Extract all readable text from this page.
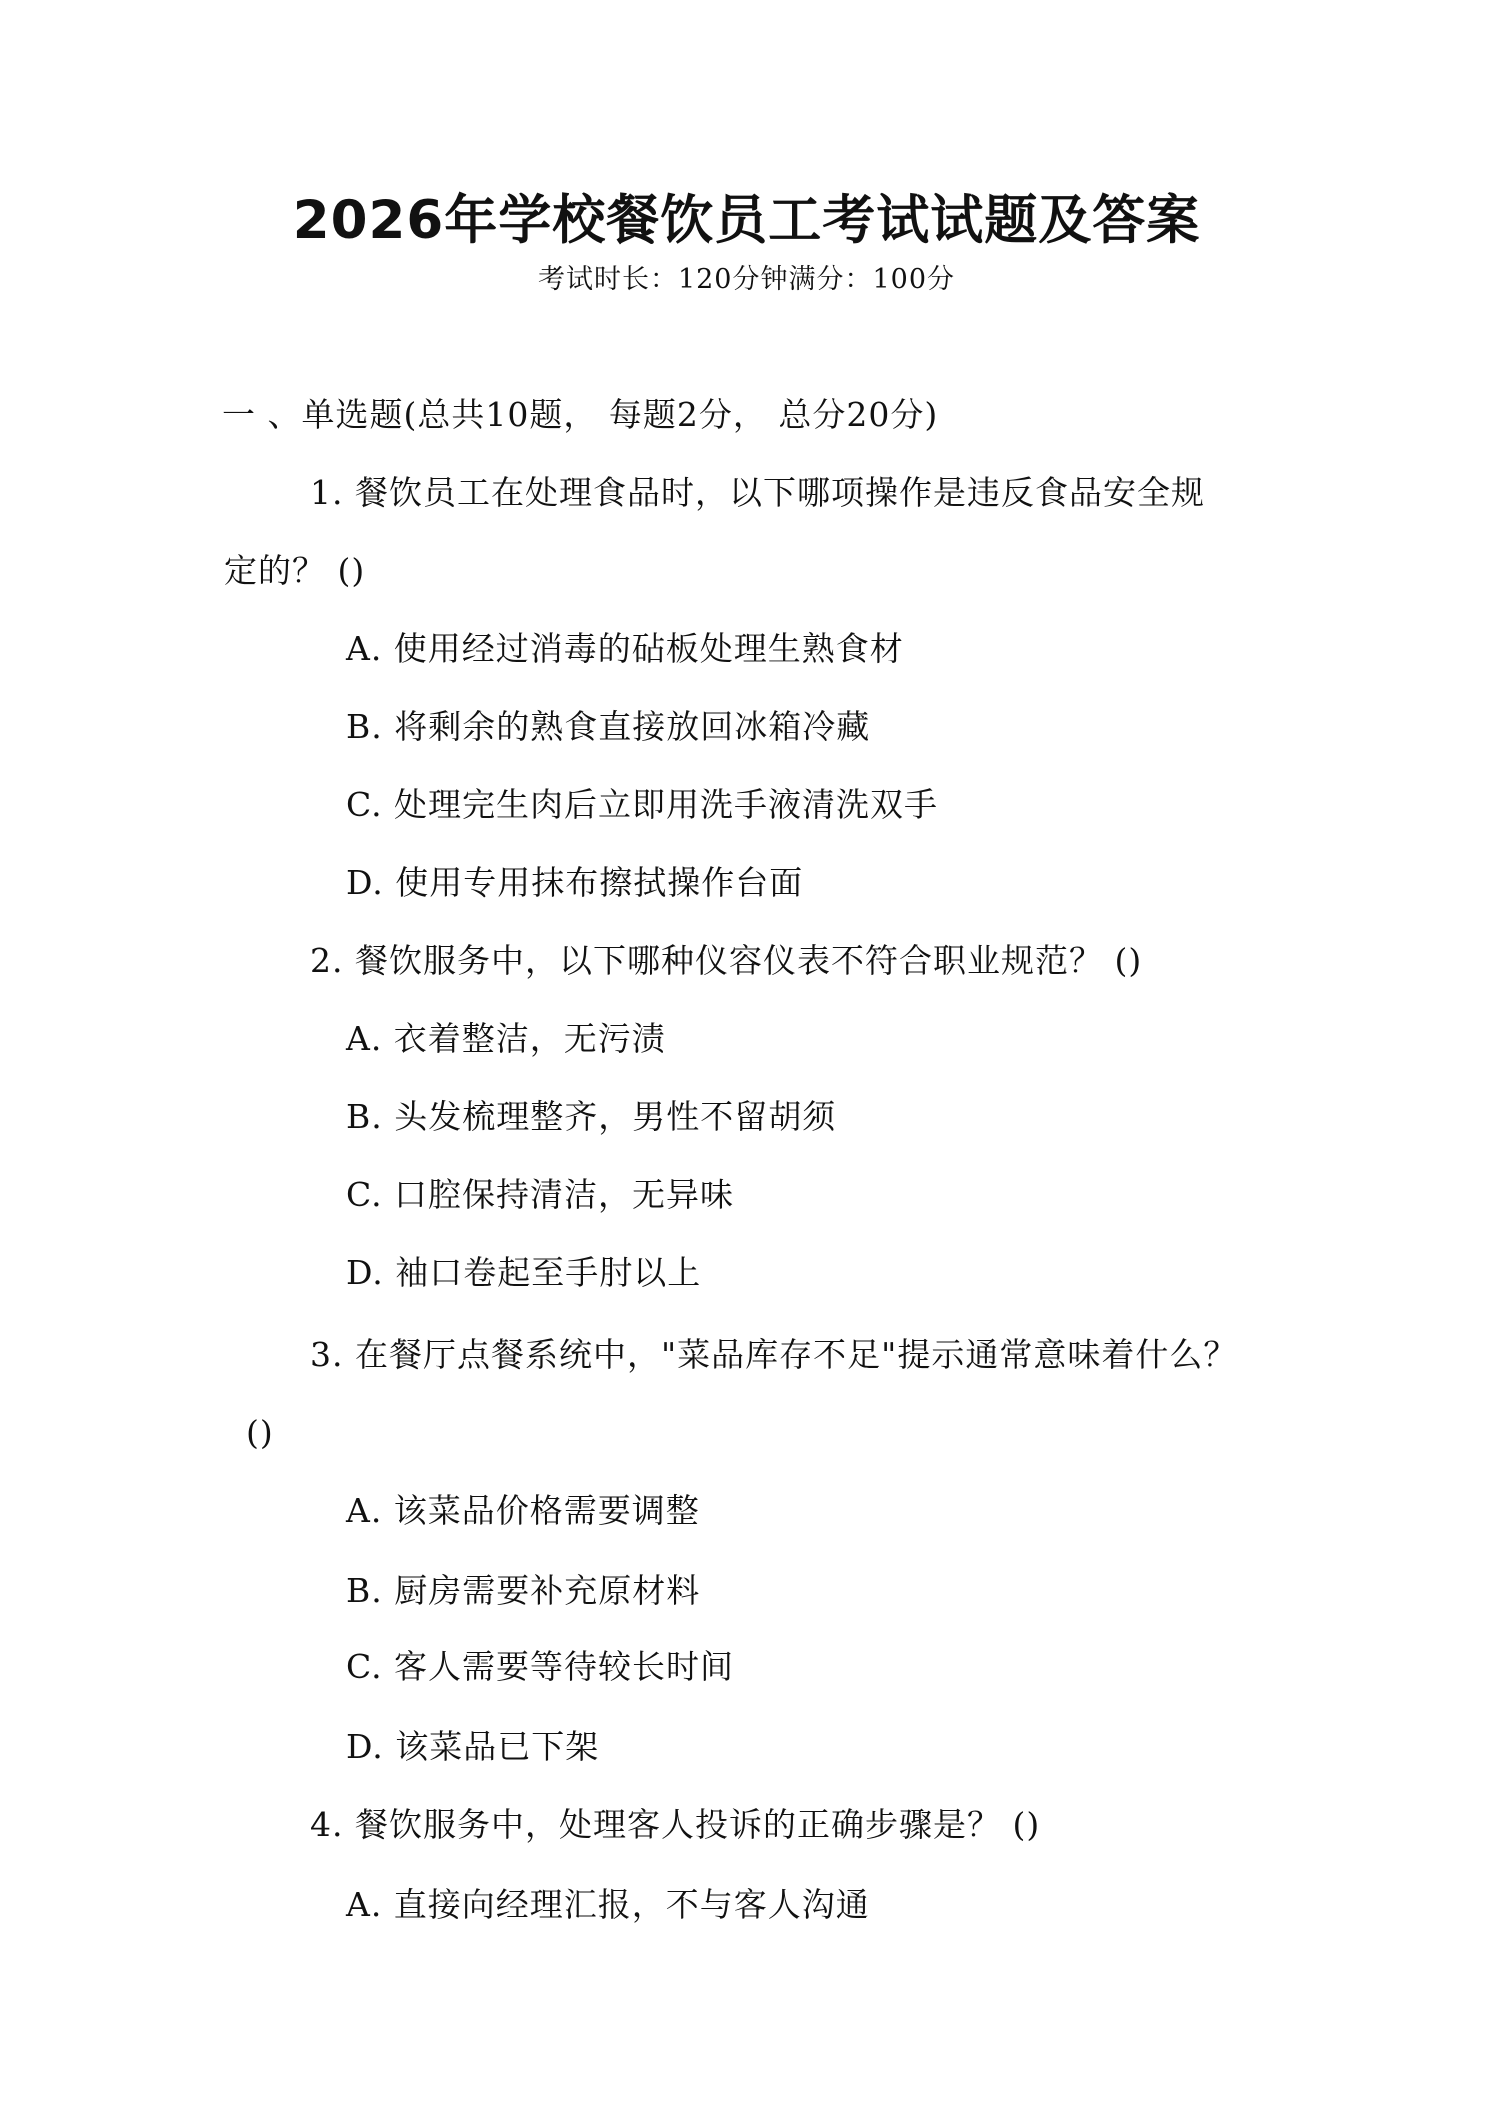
2026年学校餐饮员工考试试题及答案
考试时长：120分钟满分：100分
一 、单选题(总共10题， 每题2分， 总分20分)
1. 餐饮员工在处理食品时，以下哪项操作是违反食品安全规
定的？ ()
A. 使用经过消毒的砧板处理生熟食材
B. 将剩余的熟食直接放回冰箱冷藏
C. 处理完生肉后立即用洗手液清洗双手
D. 使用专用抹布擦拭操作台面
2. 餐饮服务中，以下哪种仪容仪表不符合职业规范？ ()
A. 衣着整洁，无污渍
B. 头发梳理整齐，男性不留胡须
C. 口腔保持清洁，无异味
D. 袖口卷起至手肘以上
3. 在餐厅点餐系统中，"菜品库存不足"提示通常意味着什么？
()
A. 该菜品价格需要调整
B. 厨房需要补充原材料
C. 客人需要等待较长时间
D. 该菜品已下架
4. 餐饮服务中，处理客人投诉的正确步骤是？ ()
A. 直接向经理汇报，不与客人沟通
